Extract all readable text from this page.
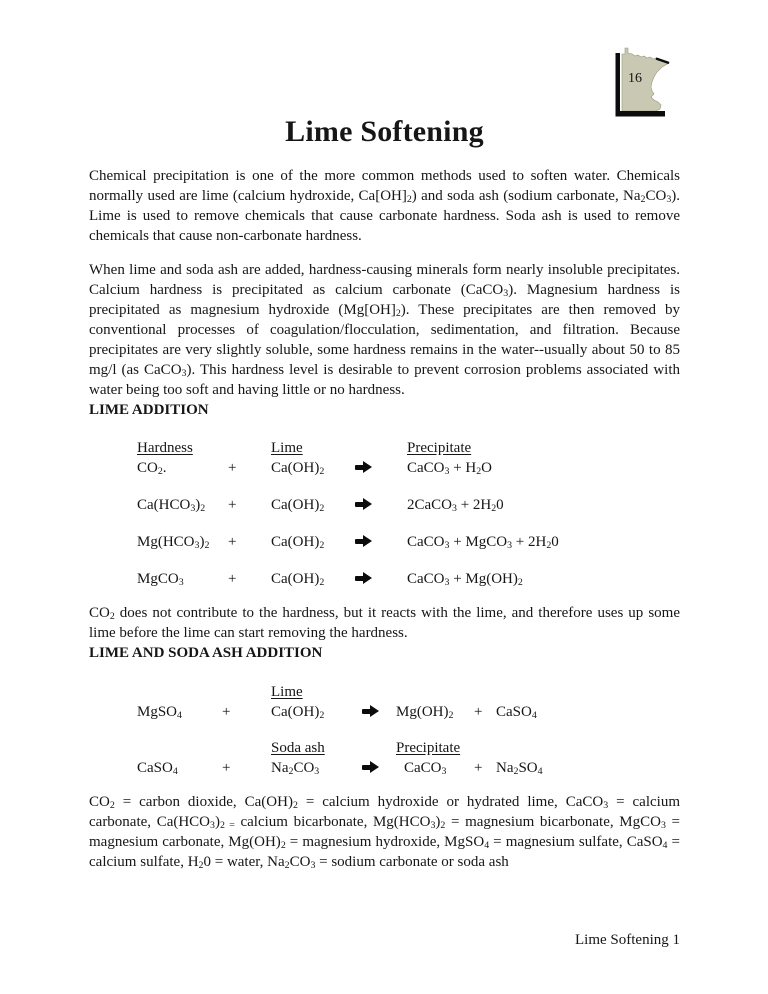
16
Lime Softening

Chemical precipitation is one of the more common methods used to soften water. Chemicals normally used are lime (calcium hydroxide, $Ca[OH]_2$) and soda ash (sodium carbonate, $Na_2CO_3$). Lime is used to remove chemicals that cause carbonate hardness. Soda ash is used to remove chemicals that cause non-carbonate hardness.

When lime and soda ash are added, hardness-causing minerals form nearly insoluble precipitates. Calcium hardness is precipitated as calcium carbonate (CaCO$_3$). Magnesium hardness is precipitated as magnesium hydroxide $(Mg[OH]_2)$. These precipitates are then removed by conventional processes of coagulation/flocculation, sedimentation, and filtration. Because precipitates are very slightly soluble, some hardness remains in the water--usually about 50 to 85 mg/l (as CaCO$_3$). This hardness level is desirable to prevent corrosion problems associated with water being too soft and having little or no hardness.

LIME ADDITION
Hardness	Lime	Precipitate
$CO_2$.	+	$Ca(OH)_2$	CaCO$_3$ + $H_2O$
$Ca(HCO_3)_2$	+	$Ca(OH)_2$	2CaCO$_3$ + $2H_20$
$Mg(HCO_3)_2$	+	$Ca(OH)_2$	CaCO$_3$ + MgCO$_3$ + $2H_20$
MgCO$_3$	+	$Ca(OH)_2$	CaCO$_3$ + $Mg(OH)_2$

$CO_2$ does not contribute to the hardness, but it reacts with the lime, and therefore uses up some lime before the lime can start removing the hardness.

LIME AND SODA ASH ADDITION
Lime
MgSO$_4$	+	$Ca(OH)_2$	$Mg(OH)_2$	+ CaSO$_4$
Soda ash	Precipitate
CaSO$_4$	+	$Na_2CO_3$	CaCO$_3$	+ $Na_2SO_4$

$CO_2$ = carbon dioxide, $Ca(OH)_2$ = calcium hydroxide or hydrated lime, CaCO$_3$ = calcium carbonate, $Ca(HCO_3)_{2 =}$ calcium bicarbonate, $Mg(HCO_3)_2$ = magnesium bicarbonate, MgCO$_3$ = magnesium carbonate, $Mg(OH)_2$ = magnesium hydroxide, MgSO$_4$ = magnesium sulfate, CaSO$_4$ = calcium sulfate, $H_20$ = water, $Na_2CO_3$ = sodium carbonate or soda ash

Lime Softening 1
